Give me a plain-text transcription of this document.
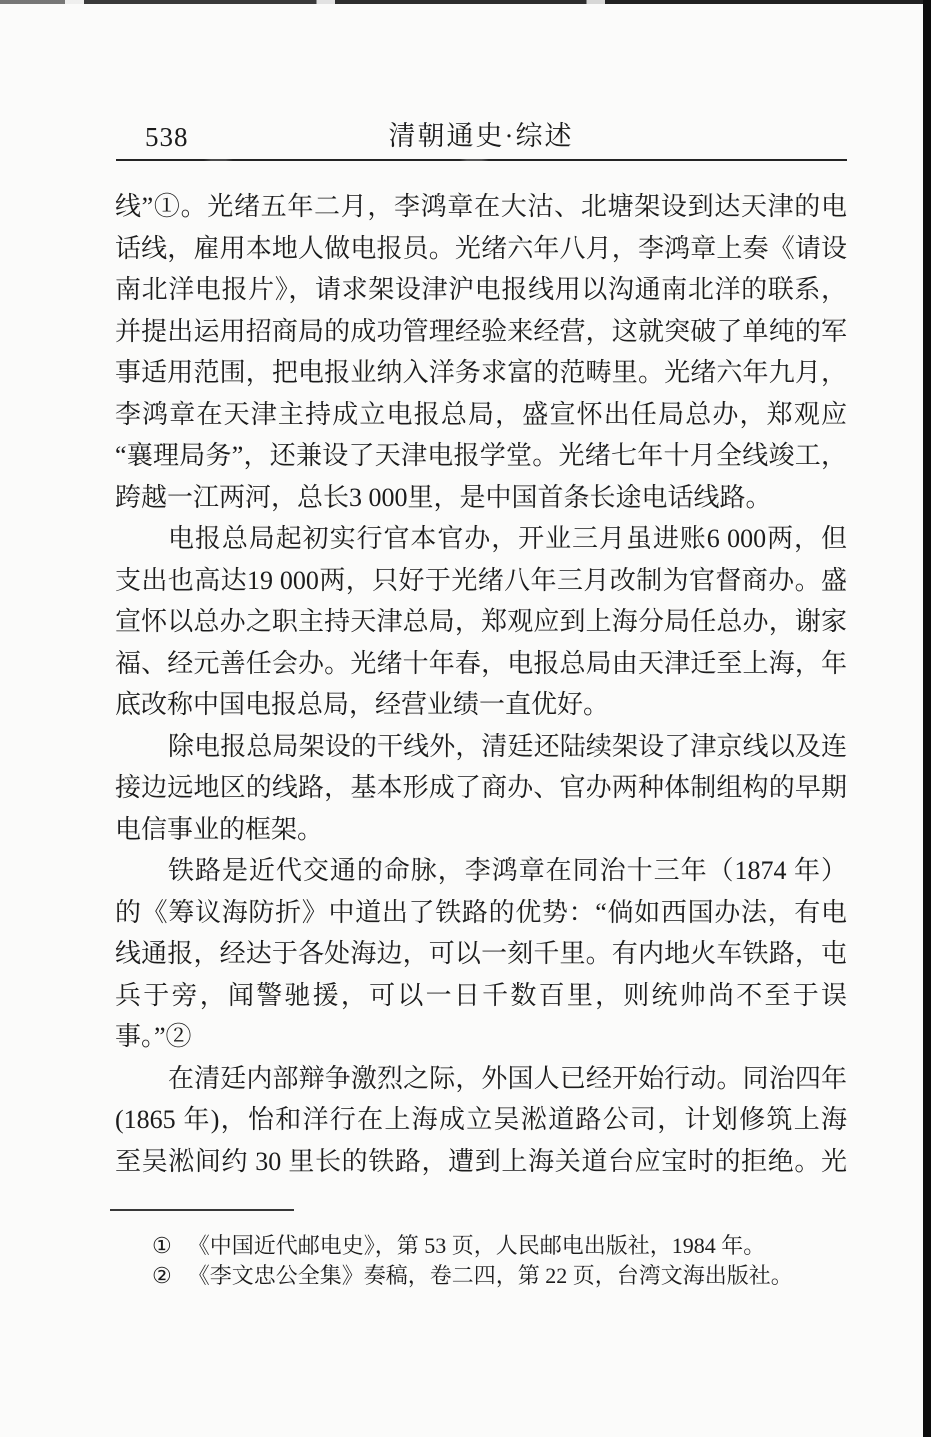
538	清朝通史·综述
线”①。光绪五年二月，李鸿章在大沽、北塘架设到达天津的电
话线，雇用本地人做电报员。光绪六年八月，李鸿章上奏《请设
南北洋电报片》，请求架设津沪电报线用以沟通南北洋的联系，
并提出运用招商局的成功管理经验来经营，这就突破了单纯的军
事适用范围，把电报业纳入洋务求富的范畴里。光绪六年九月，
李鸿章在天津主持成立电报总局，盛宣怀出任局总办，郑观应
“襄理局务”，还兼设了天津电报学堂。光绪七年十月全线竣工，
跨越一江两河，总长3 000里，是中国首条长途电话线路。
电报总局起初实行官本官办，开业三月虽进账6 000两，但
支出也高达19 000两，只好于光绪八年三月改制为官督商办。盛
宣怀以总办之职主持天津总局，郑观应到上海分局任总办，谢家
福、经元善任会办。光绪十年春，电报总局由天津迁至上海，年
底改称中国电报总局，经营业绩一直优好。
除电报总局架设的干线外，清廷还陆续架设了津京线以及连
接边远地区的线路，基本形成了商办、官办两种体制组构的早期
电信事业的框架。
铁路是近代交通的命脉，李鸿章在同治十三年（1874 年）
的《筹议海防折》中道出了铁路的优势：“倘如西国办法，有电
线通报，经达于各处海边，可以一刻千里。有内地火车铁路，屯
兵于旁，闻警驰援，可以一日千数百里，则统帅尚不至于误
事。”②
在清廷内部辩争激烈之际，外国人已经开始行动。同治四年
(1865 年)，怡和洋行在上海成立吴淞道路公司，计划修筑上海
至吴淞间约 30 里长的铁路，遭到上海关道台应宝时的拒绝。光
① 《中国近代邮电史》，第 53 页，人民邮电出版社，1984 年。
② 《李文忠公全集》奏稿，卷二四，第 22 页，台湾文海出版社。
